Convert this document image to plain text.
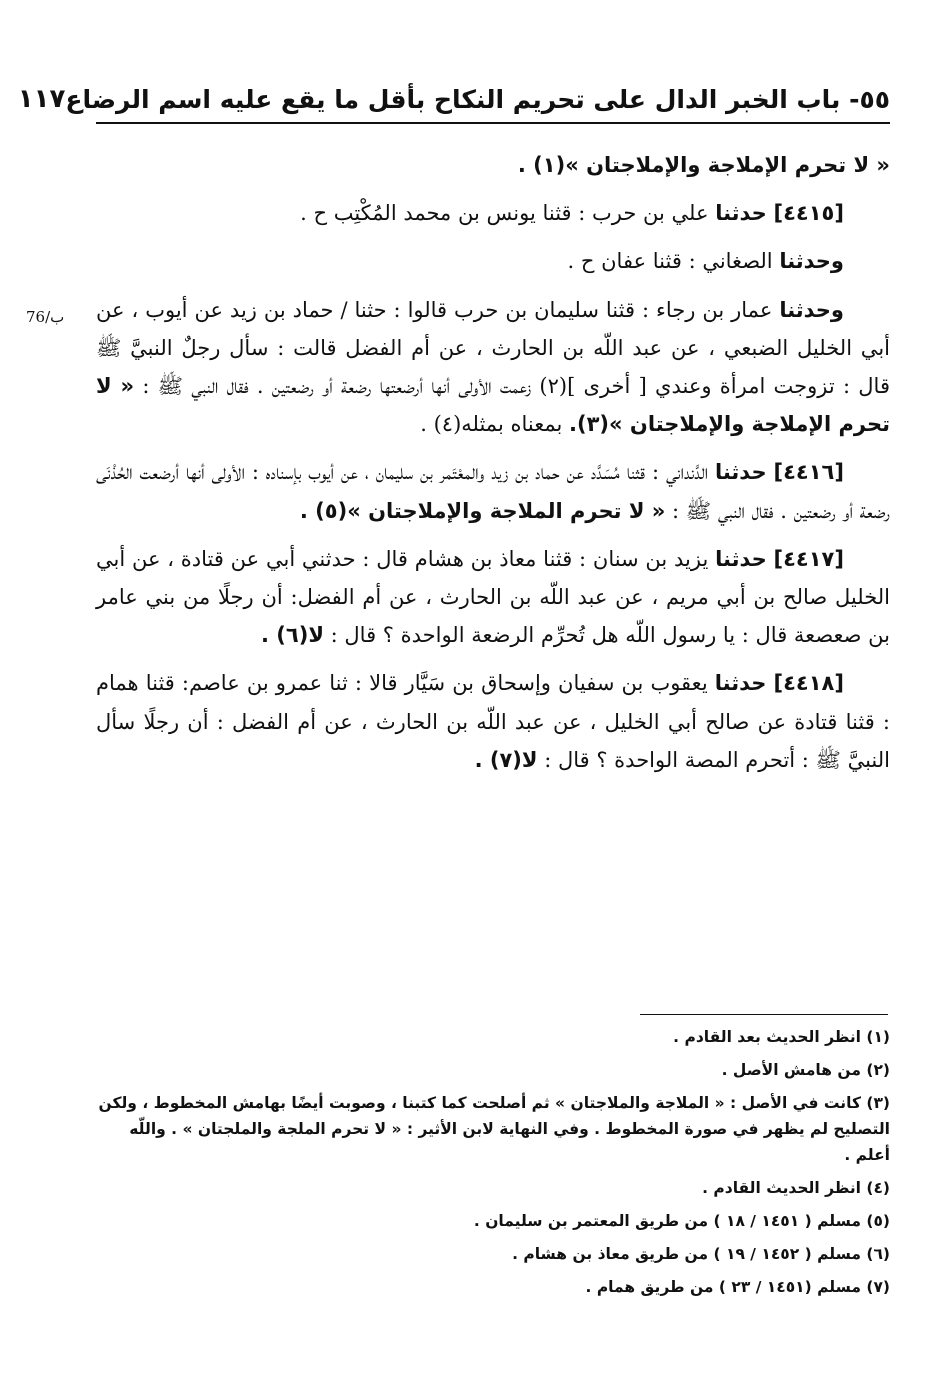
٥٥- باب الخبر الدال على تحريم النكاح بأقل ما يقع عليه اسم الرضاع
١١٧
76/ب

« لا تحرم الإملاجة والإملاجتان »(١) .

[٤٤١٥] حدثنا علي بن حرب : قثنا يونس بن محمد المُكْتِب ح .

وحدثنا الصغاني : قثنا عفان ح .

وحدثنا عمار بن رجاء : قثنا سليمان بن حرب قالوا : حثنا / حماد بن زيد عن أيوب ، عن أبي الخليل الضبعي ، عن عبد اللّه بن الحارث ، عن أم الفضل قالت : سأل رجلٌ النبيَّ ﷺ قال : تزوجت امرأة وعندي [ أخرى ](٢) زعمت الأولى أنها أرضعتها رضعة أو رضعتين . فقال النبي ﷺ : « لا تحرم الإملاجة والإملاجتان »(٣). بمعناه بمثله(٤) .

[٤٤١٦] حدثنا الدَّنداني : قثنا مُسَدَّد عن حماد بن زيد والمعْتَمر بن سليمان ، عن أيوب بإسناده : الأولى أنها أرضعت الحُذْنَى رضعة أو رضعتين . فقال النبي ﷺ : « لا تحرم الملاجة والإملاجتان »(٥) .

[٤٤١٧] حدثنا يزيد بن سنان : قثنا معاذ بن هشام قال : حدثني أبي عن قتادة ، عن أبي الخليل صالح بن أبي مريم ، عن عبد اللّه بن الحارث ، عن أم الفضل: أن رجلًا من بني عامر بن صعصعة قال : يا رسول اللّه هل تُحرِّم الرضعة الواحدة ؟ قال : لا(٦) .

[٤٤١٨] حدثنا يعقوب بن سفيان وإسحاق بن سَيَّار قالا : ثنا عمرو بن عاصم: قثنا همام : قثنا قتادة عن صالح أبي الخليل ، عن عبد اللّه بن الحارث ، عن أم الفضل : أن رجلًا سأل النبيَّ ﷺ : أتحرم المصة الواحدة ؟ قال : لا(٧) .

(١) انظر الحديث بعد القادم .
(٢) من هامش الأصل .
(٣) كانت في الأصل : « الملاجة والملاجتان » ثم أصلحت كما كتبنا ، وصوبت أيضًا بهامش المخطوط ، ولكن التصليح لم يظهر في صورة المخطوط . وفي النهاية لابن الأثير : « لا تحرم الملجة والملجتان » . واللّه أعلم .
(٤) انظر الحديث القادم .
(٥) مسلم ( ١٤٥١ / ١٨ ) من طريق المعتمر بن سليمان .
(٦) مسلم ( ١٤٥٢ / ١٩ ) من طريق معاذ بن هشام .
(٧) مسلم (١٤٥١ / ٢٣ ) من طريق همام .
